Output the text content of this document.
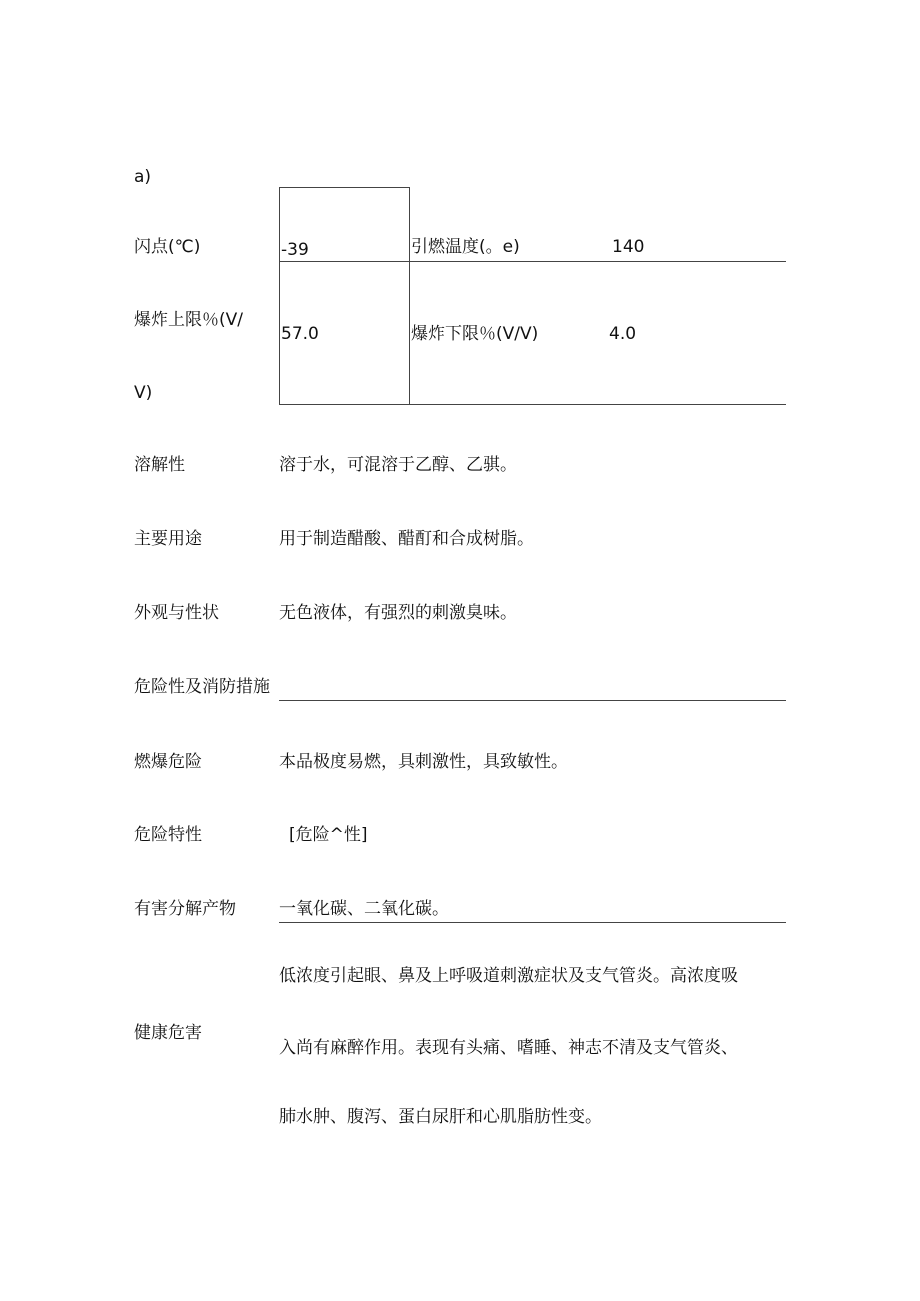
a)
闪点(℃)	-39	引燃温度(。e)	140
爆炸上限％(V/
V)
57.0	爆炸下限％(V/V)	4.0
溶解性	溶于水，可混溶于乙醇、乙骐。
主要用途	用于制造醋酸、醋酊和合成树脂。
外观与性状	无色液体，有强烈的刺激臭味。
危险性及消防措施
燃爆危险	本品极度易燃，具刺激性，具致敏性。
危险特性	[危险^性]
有害分解产物	一氧化碳、二氧化碳。
健康危害
低浓度引起眼、鼻及上呼吸道刺激症状及支气管炎。高浓度吸
入尚有麻醉作用。表现有头痛、嗜睡、神志不清及支气管炎、
肺水肿、腹泻、蛋白尿肝和心肌脂肪性变。
